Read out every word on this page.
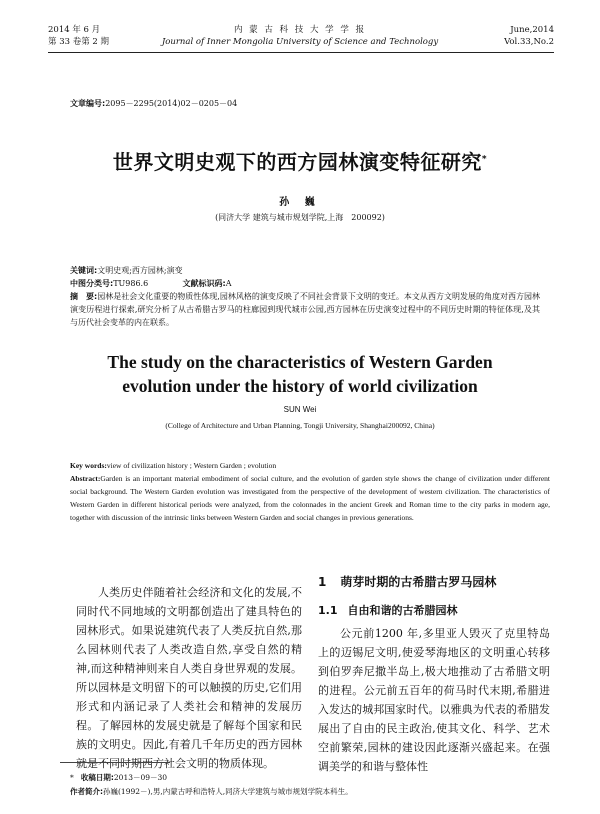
2014 年 6 月
第 33 卷第 2 期
内 蒙 古 科 技 大 学 学 报
Journal of Inner Mongolia University of Science and Technology
June,2014
Vol.33,No.2
文章编号:2095－2295(2014)02－0205－04
世界文明史观下的西方园林演变特征研究*
孙 巍
(同济大学 建筑与城市规划学院,上海　200092)
关键词:文明史观;西方园林;演变
中图分类号:TU986.6	文献标识码:A
摘　要:园林是社会文化重要的物质性体现,园林风格的演变反映了不同社会背景下文明的变迁。本文从西方文明发展的角度对西方园林演变历程进行探索,研究分析了从古希腊古罗马的柱廊园到现代城市公园,西方园林在历史演变过程中的不同历史时期的特征体现,及其与历代社会变革的内在联系。
The study on the characteristics of Western Garden
evolution under the history of world civilization
SUN Wei
(College of Architecture and Urban Planning, Tongji University, Shanghai200092, China)
Key words:view of civilization history ; Western Garden ; evolution
Abstract:Garden is an important material embodiment of social culture, and the evolution of garden style shows the change of civilization under different social background. The Western Garden evolution was investigated from the perspective of the development of western civilization. The characteristics of Western Garden in different historical periods were analyzed, from the colonnades in the ancient Greek and Roman time to the city parks in modern age, together with discussion of the intrinsic links between Western Garden and social changes in previous generations.
人类历史伴随着社会经济和文化的发展,不同时代不同地域的文明都创造出了建具特色的园林形式。如果说建筑代表了人类反抗自然,那么园林则代表了人类改造自然,享受自然的精神,而这种精神则来自人类自身世界观的发展。所以园林是文明留下的可以触摸的历史,它们用形式和内涵记录了人类社会和精神的发展历程。了解园林的发展史就是了解每个国家和民族的文明史。因此,有着几千年历史的西方园林就是不同时期西方社会文明的物质体现。
1 萌芽时期的古希腊古罗马园林
1.1 自由和谐的古希腊园林

公元前1200 年,多里亚人毁灭了克里特岛上的迈锡尼文明,使爱琴海地区的文明重心转移到伯罗奔尼撒半岛上,极大地推动了古希腊文明的进程。公元前五百年的荷马时代末期,希腊进入发达的城邦国家时代。以雅典为代表的希腊发展出了自由的民主政治,使其文化、科学、艺术空前繁荣,园林的建设因此逐渐兴盛起来。在强调美学的和谐与整体性

* 收稿日期:2013－09－30
作者简介:孙巍(1992－),男,内蒙古呼和浩特人,同济大学建筑与城市规划学院本科生。
